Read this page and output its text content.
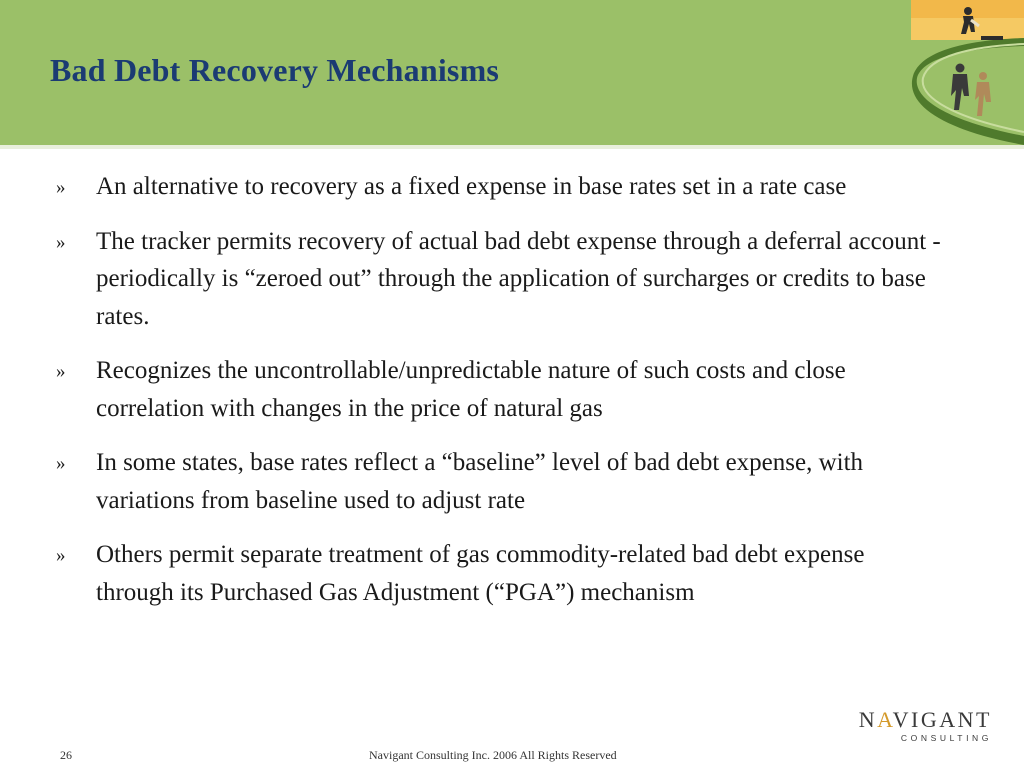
Bad Debt Recovery Mechanisms
» An alternative to recovery as a fixed expense in base rates set in a rate case
» The tracker permits recovery of actual bad debt expense through a deferral account - periodically is “zeroed out” through the application of surcharges or credits to base rates.
» Recognizes the uncontrollable/unpredictable nature of such costs and close correlation with changes in the price of natural gas
» In some states, base rates reflect a “baseline” level of bad debt expense, with variations from baseline used to adjust rate
» Others permit separate treatment of gas commodity-related bad debt expense through its Purchased Gas Adjustment (“PGA”) mechanism
26	Navigant Consulting Inc. 2006 All Rights Reserved
NAVIGANT
CONSULTING
